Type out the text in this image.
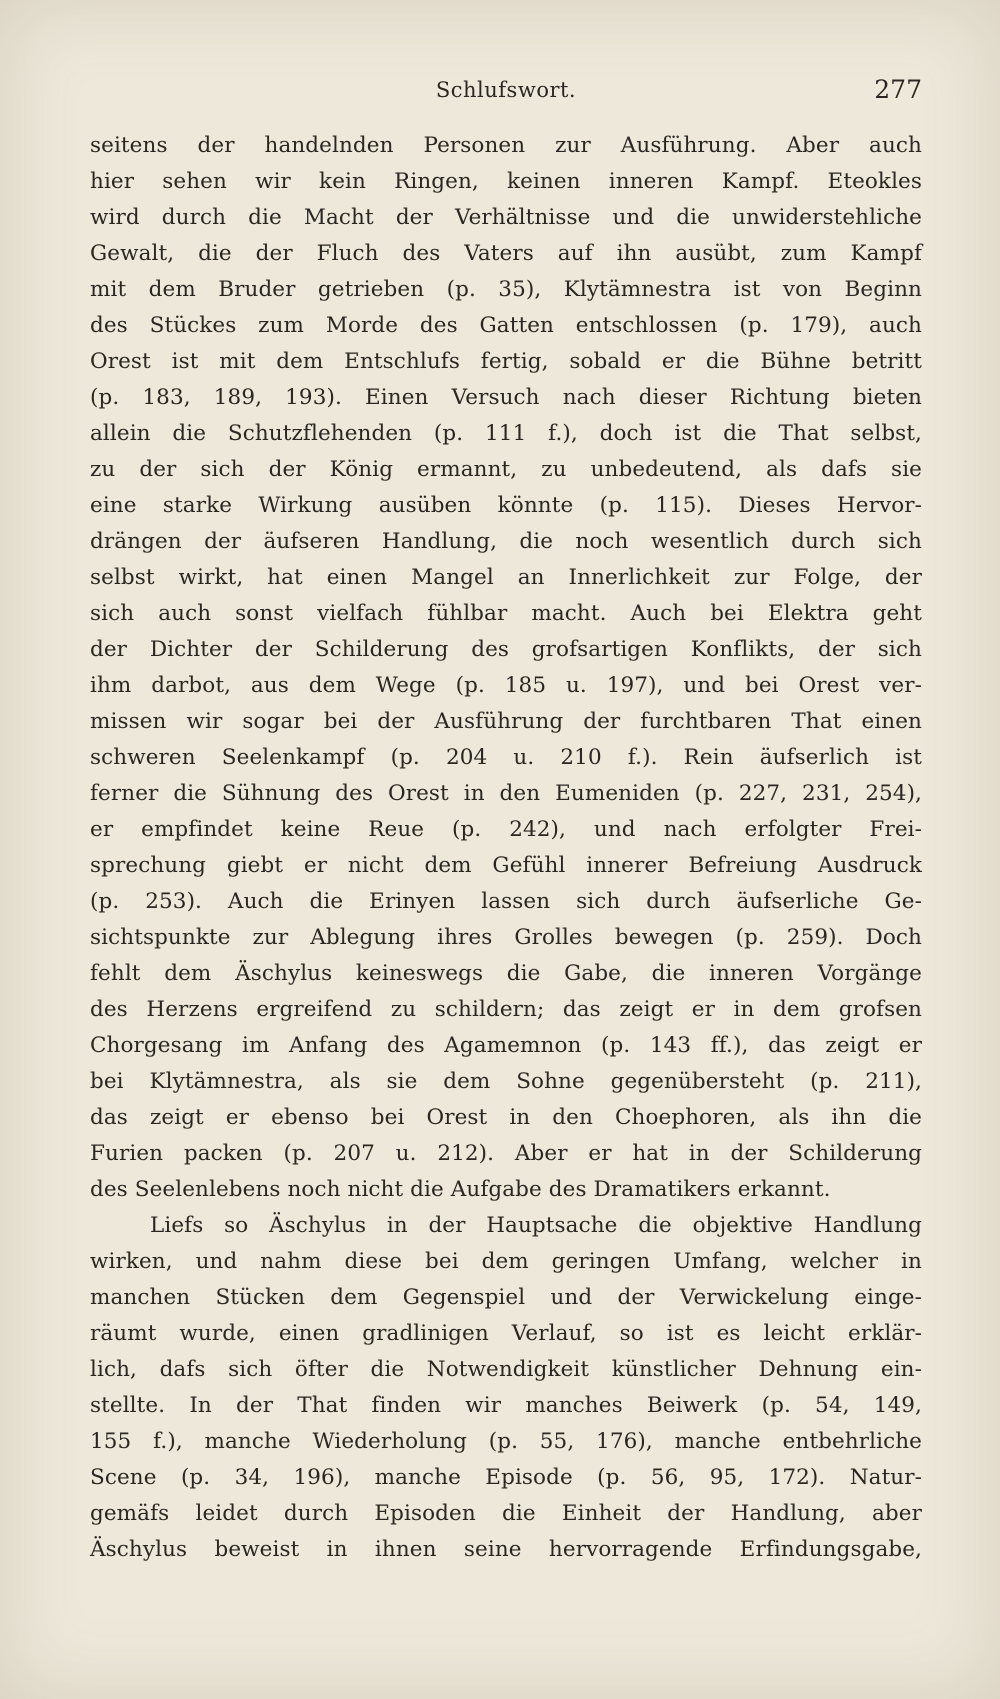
Schlufswort.	277
seitens der handelnden Personen zur Ausführung. Aber auch
hier sehen wir kein Ringen, keinen inneren Kampf. Eteokles
wird durch die Macht der Verhältnisse und die unwiderstehliche
Gewalt, die der Fluch des Vaters auf ihn ausübt, zum Kampf
mit dem Bruder getrieben (p. 35), Klytämnestra ist von Beginn
des Stückes zum Morde des Gatten entschlossen (p. 179), auch
Orest ist mit dem Entschlufs fertig, sobald er die Bühne betritt
(p. 183, 189, 193). Einen Versuch nach dieser Richtung bieten
allein die Schutzflehenden (p. 111 f.), doch ist die That selbst,
zu der sich der König ermannt, zu unbedeutend, als dafs sie
eine starke Wirkung ausüben könnte (p. 115). Dieses Hervor-
drängen der äufseren Handlung, die noch wesentlich durch sich
selbst wirkt, hat einen Mangel an Innerlichkeit zur Folge, der
sich auch sonst vielfach fühlbar macht. Auch bei Elektra geht
der Dichter der Schilderung des grofsartigen Konflikts, der sich
ihm darbot, aus dem Wege (p. 185 u. 197), und bei Orest ver-
missen wir sogar bei der Ausführung der furchtbaren That einen
schweren Seelenkampf (p. 204 u. 210 f.). Rein äufserlich ist
ferner die Sühnung des Orest in den Eumeniden (p. 227, 231, 254),
er empfindet keine Reue (p. 242), und nach erfolgter Frei-
sprechung giebt er nicht dem Gefühl innerer Befreiung Ausdruck
(p. 253). Auch die Erinyen lassen sich durch äufserliche Ge-
sichtspunkte zur Ablegung ihres Grolles bewegen (p. 259). Doch
fehlt dem Äschylus keineswegs die Gabe, die inneren Vorgänge
des Herzens ergreifend zu schildern; das zeigt er in dem grofsen
Chorgesang im Anfang des Agamemnon (p. 143 ff.), das zeigt er
bei Klytämnestra, als sie dem Sohne gegenübersteht (p. 211),
das zeigt er ebenso bei Orest in den Choephoren, als ihn die
Furien packen (p. 207 u. 212). Aber er hat in der Schilderung
des Seelenlebens noch nicht die Aufgabe des Dramatikers erkannt.
Liefs so Äschylus in der Hauptsache die objektive Handlung
wirken, und nahm diese bei dem geringen Umfang, welcher in
manchen Stücken dem Gegenspiel und der Verwickelung einge-
räumt wurde, einen gradlinigen Verlauf, so ist es leicht erklär-
lich, dafs sich öfter die Notwendigkeit künstlicher Dehnung ein-
stellte. In der That finden wir manches Beiwerk (p. 54, 149,
155 f.), manche Wiederholung (p. 55, 176), manche entbehrliche
Scene (p. 34, 196), manche Episode (p. 56, 95, 172). Natur-
gemäfs leidet durch Episoden die Einheit der Handlung, aber
Äschylus beweist in ihnen seine hervorragende Erfindungsgabe,
